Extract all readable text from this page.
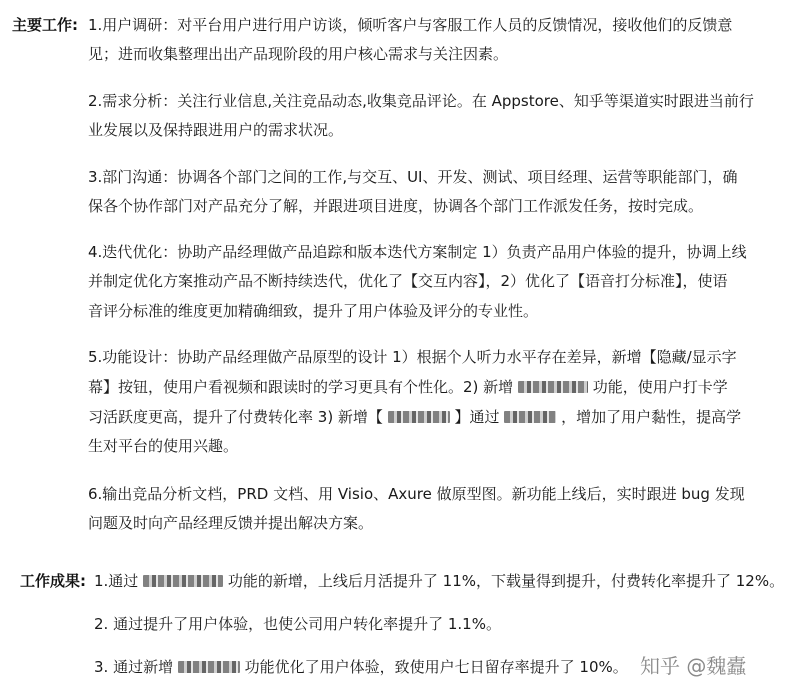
主要工作: 1.用户调研：对平台用户进行用户访谈，倾听客户与客服工作人员的反馈情况，接收他们的反馈意
见；进而收集整理出出产品现阶段的用户核心需求与关注因素。
2.需求分析：关注行业信息,关注竞品动态,收集竞品评论。在 Appstore、知乎等渠道实时跟进当前行
业发展以及保持跟进用户的需求状况。
3.部门沟通：协调各个部门之间的工作,与交互、UI、开发、测试、项目经理、运营等职能部门，确
保各个协作部门对产品充分了解，并跟进项目进度，协调各个部门工作派发任务，按时完成。
4.迭代优化：协助产品经理做产品追踪和版本迭代方案制定 1）负责产品用户体验的提升，协调上线
并制定优化方案推动产品不断持续迭代，优化了【交互内容】，2）优化了【语音打分标准】，使语
音评分标准的维度更加精确细致，提升了用户体验及评分的专业性。
5.功能设计：协助产品经理做产品原型的设计 1）根据个人听力水平存在差异，新增【隐藏/显示字
幕】按钮，使用户看视频和跟读时的学习更具有个性化。2) 新增	功能，使用户打卡学
习活跃度更高，提升了付费转化率 3) 新增【	】通过	，增加了用户黏性，提高学
生对平台的使用兴趣。
6.输出竞品分析文档，PRD 文档、用 Visio、Axure 做原型图。新功能上线后，实时跟进 bug 发现
问题及时向产品经理反馈并提出解决方案。
工作成果: 1.通过	功能的新增，上线后月活提升了 11%，下载量得到提升，付费转化率提升了 12%。
2. 通过提升了用户体验，也使公司用户转化率提升了 1.1%。
3. 通过新增	功能优化了用户体验，致使用户七日留存率提升了 10%。 知乎 @魏蠹
